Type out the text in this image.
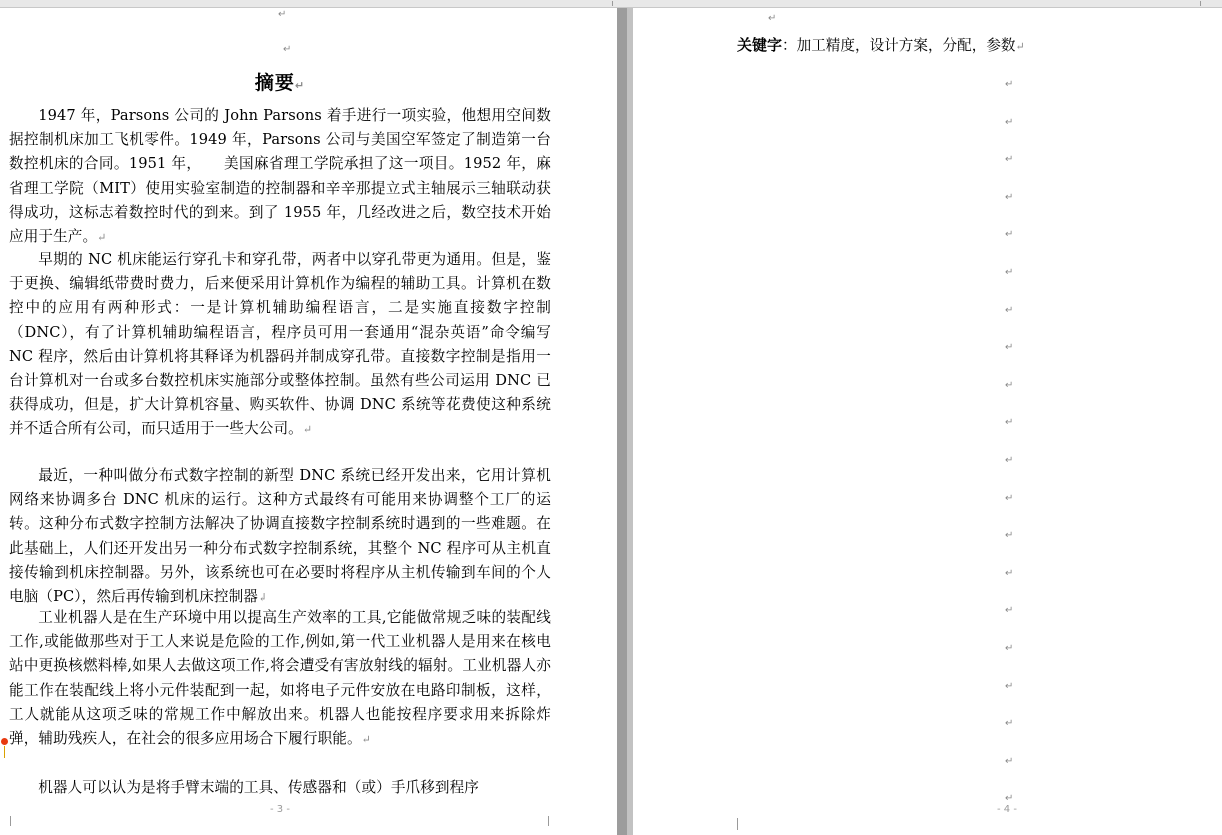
↵
↵
摘要↵

1947 年，Parsons 公司的 John Parsons 着手进行一项实验，他想用空间数据控制机床加工飞机零件。1949 年，Parsons 公司与美国空军签定了制造第一台数控机床的合同。1951 年，　　美国麻省理工学院承担了这一项目。1952 年，麻省理工学院（MIT）使用实验室制造的控制器和辛辛那提立式主轴展示三轴联动获得成功，这标志着数控时代的到来。到了 1955 年，几经改进之后，数空技术开始应用于生产。↵

早期的 NC 机床能运行穿孔卡和穿孔带，两者中以穿孔带更为通用。但是，鉴于更换、编辑纸带费时费力，后来便采用计算机作为编程的辅助工具。计算机在数控中的应用有两种形式：一是计算机辅助编程语言，二是实施直接数字控制（DNC），有了计算机辅助编程语言，程序员可用一套通用“混杂英语”命令编写 NC 程序，然后由计算机将其释译为机器码并制成穿孔带。直接数字控制是指用一台计算机对一台或多台数控机床实施部分或整体控制。虽然有些公司运用 DNC 已获得成功，但是，扩大计算机容量、购买软件、协调 DNC 系统等花费使这种系统并不适合所有公司，而只适用于一些大公司。↵

最近，一种叫做分布式数字控制的新型 DNC 系统已经开发出来，它用计算机网络来协调多台 DNC 机床的运行。这种方式最终有可能用来协调整个工厂的运转。这种分布式数字控制方法解决了协调直接数字控制系统时遇到的一些难题。在此基础上，人们还开发出另一种分布式数字控制系统，其整个 NC 程序可从主机直接传输到机床控制器。另外，该系统也可在必要时将程序从主机传输到车间的个人电脑（PC），然后再传输到机床控制器↲

工业机器人是在生产环境中用以提高生产效率的工具,它能做常规乏味的装配线工作,或能做那些对于工人来说是危险的工作,例如,第一代工业机器人是用来在核电站中更换核燃料棒,如果人去做这项工作,将会遭受有害放射线的辐射。工业机器人亦能工作在装配线上将小元件装配到一起，如将电子元件安放在电路印制板，这样，工人就能从这项乏味的常规工作中解放出来。机器人也能按程序要求用来拆除炸弹，辅助残疾人，在社会的很多应用场合下履行职能。↵

机器人可以认为是将手臂末端的工具、传感器和（或）手爪移到程序

- 3 -
↵
关键字：加工精度，设计方案，分配，参数↵
↵
↵
↵
↵
↵
↵
↵
↵
↵
↵
↵
↵
↵
↵
↵
↵
↵
↵
↵
↵
- 4 -
